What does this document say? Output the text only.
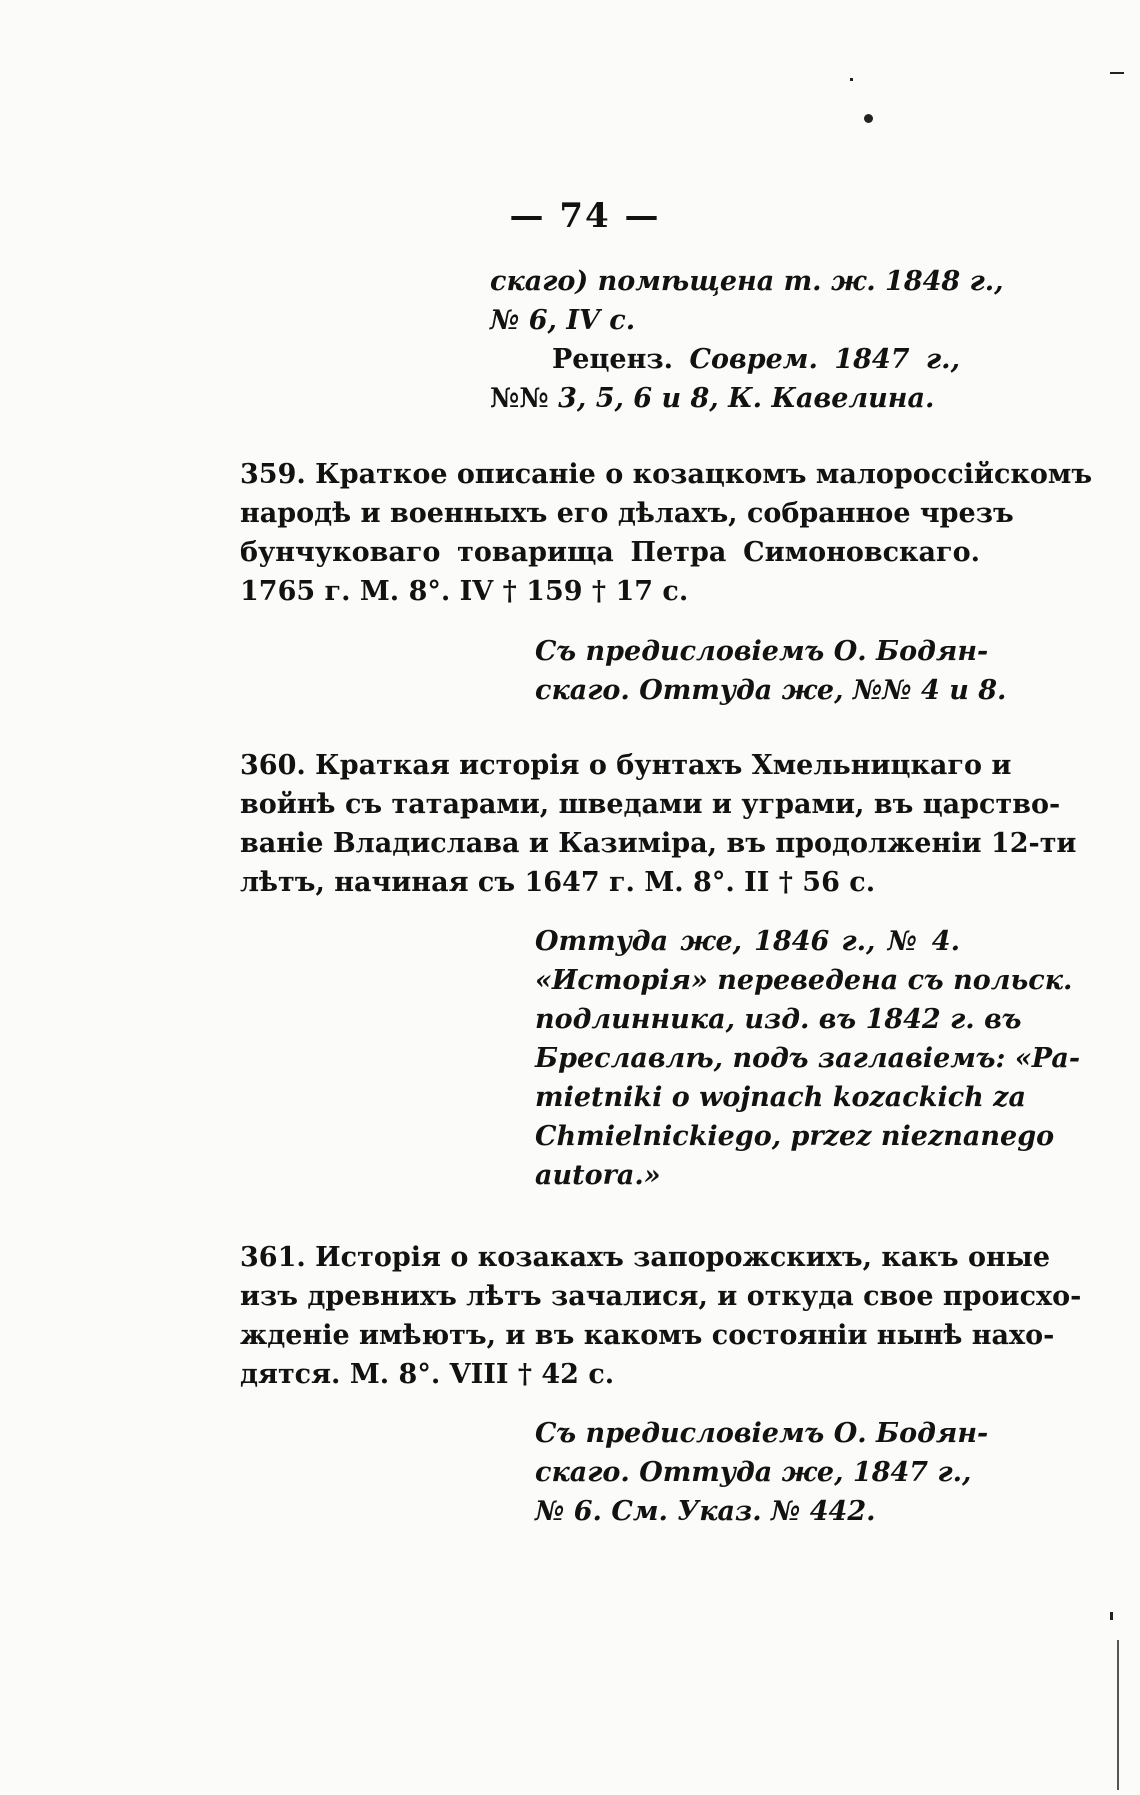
— 74 —
скаго) помѣщена т. ж. 1848 г.,
№ 6, IV с.
Реценз. Соврем. 1847 г.,
№№ 3, 5, 6 и 8, К. Кавелина.
359. Краткое описаніе о козацкомъ малороссійскомъ
народѣ и военныхъ его дѣлахъ, собранное чрезъ
бунчуковаго товарища Петра Симоновскаго.
1765 г. М. 8°. IV † 159 † 17 с.
Съ предисловіемъ О. Бодян-
скаго. Оттуда же, №№ 4 и 8.
360. Краткая исторія о бунтахъ Хмельницкаго и
войнѣ съ татарами, шведами и уграми, въ царство-
ваніе Владислава и Казиміра, въ продолженіи 12-ти
лѣтъ, начиная съ 1647 г. М. 8°. II † 56 с.
Оттуда же, 1846 г., № 4.
«Исторія» переведена съ польск.
подлинника, изд. въ 1842 г. въ
Бреславлѣ, подъ заглавіемъ: «Pa-
mietniki o wojnach kozackich za
Chmielnickiego, przez nieznanego
autora.»
361. Исторія о козакахъ запорожскихъ, какъ оные
изъ древнихъ лѣтъ зачалися, и откуда свое происхо-
жденіе имѣютъ, и въ какомъ состояніи нынѣ нахо-
дятся. М. 8°. VIII † 42 с.
Съ предисловіемъ О. Бодян-
скаго. Оттуда же, 1847 г.,
№ 6. См. Указ. № 442.
